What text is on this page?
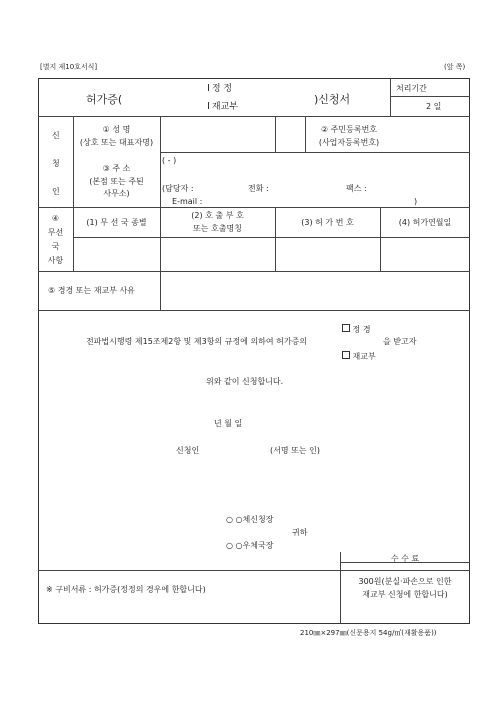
[별지 제10호서식]	(앞 쪽)
허가증(
정 정
재교부
)신청서
처리기간
2 일
신
청
인
① 성 명
(상호 또는 대표자명)
② 주민등록번호
(사업자등록번호)
③ 주 소
(본점 또는 주된
사무소)
( - )
(담당자 :	전화 :	팩스 :
E-mail :	)
④
무선
국
사항
(1) 무 선 국 종별
(2) 호 출 부 호
또는 호출명칭
(3) 허 가 번 호	(4) 허가연월일
⑤ 경경 또는 재교부 사유
정 경
재교부
전파법시행령 제15조제2항 및 제3항의 규정에 의하여 허가증의	을 받고자
위와 같이 신청합니다.
년 월 일
신청인	(서명 또는 인)
○ ○체신청장
귀하
○ ○우체국장
수 수 료
※ 구비서류 : 허가증(정정의 경우에 한합니다)
300원(분실·파손으로 인한
재교부 신청에 한합니다)
210㎜×297㎜(신문용지 54g/㎡(재활용품))
